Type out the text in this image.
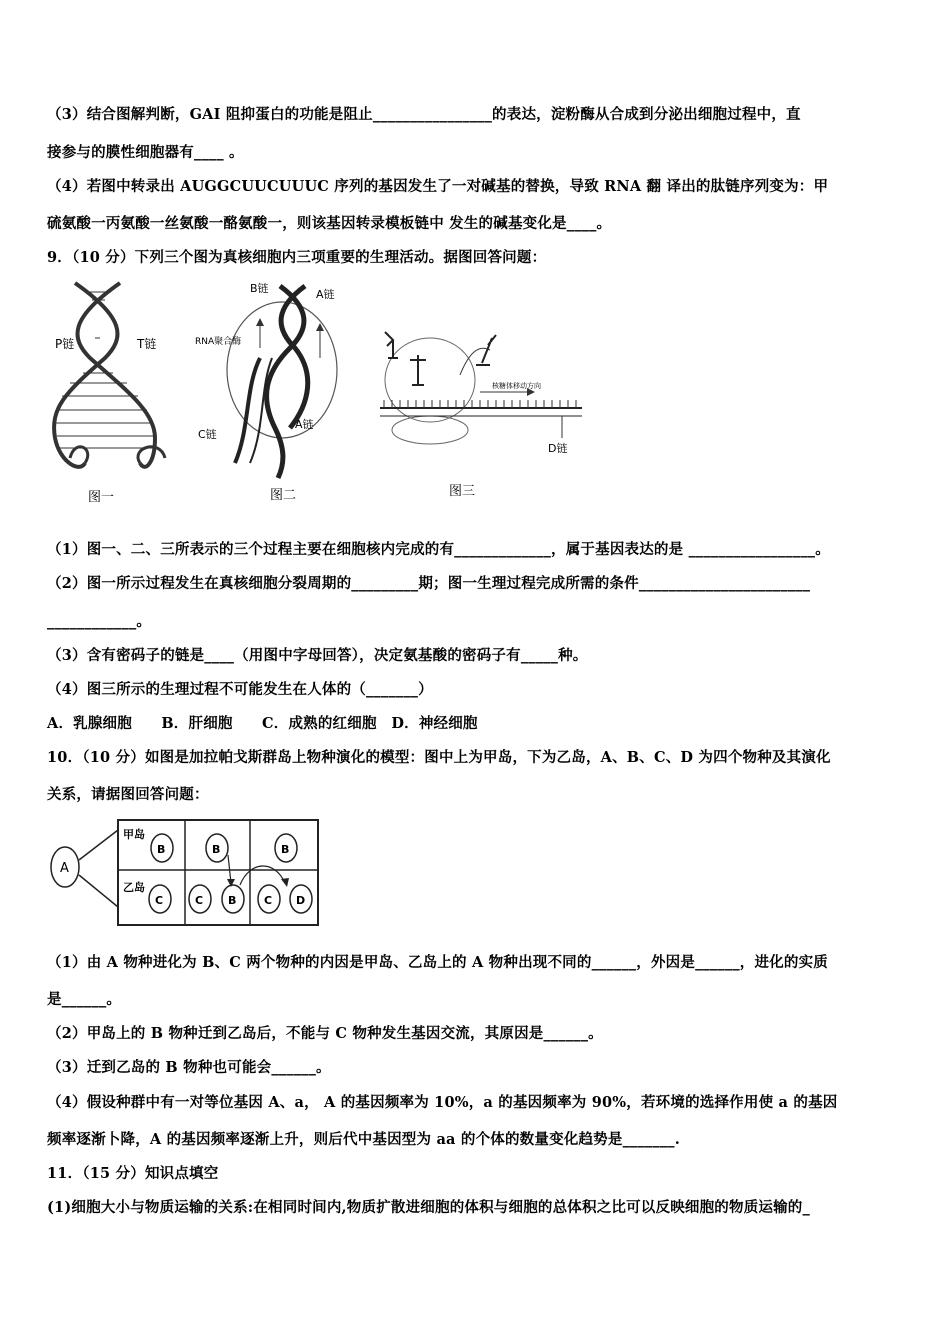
（3）结合图解判断，GAI 阻抑蛋白的功能是阻止________________的表达，淀粉酶从合成到分泌出细胞过程中，直
接参与的膜性细胞器有____ 。
（4）若图中转录出 AUGGCUUCUUUC 序列的基因发生了一对碱基的替换，导致 RNA 翻 译出的肽链序列变为：甲
硫氨酸一丙氨酸一丝氨酸一酪氨酸一，则该基因转录模板链中 发生的碱基变化是____。
9．（10 分）下列三个图为真核细胞内三项重要的生理活动。据图回答问题：
P链	T链
图一
B链	A链
RNA聚合酶
C链
A链
图二
核糖体移动方向
D链
图三
（1）图一、二、三所表示的三个过程主要在细胞核内完成的有_____________，属于基因表达的是 _________________。
（2）图一所示过程发生在真核细胞分裂周期的_________期；图一生理过程完成所需的条件_______________________
____________。
（3）含有密码子的链是____（用图中字母回答），决定氨基酸的密码子有_____种。
（4）图三所示的生理过程不可能发生在人体的（_______）
A．乳腺细胞　　B．肝细胞　　C．成熟的红细胞　D．神经细胞
10．（10 分）如图是加拉帕戈斯群岛上物种演化的模型：图中上为甲岛，下为乙岛，A、B、C、D 为四个物种及其演化
关系，请据图回答问题：
A
甲岛
乙岛
B	B	B
C	C B	C D
（1）由 A 物种进化为 B、C 两个物种的内因是甲岛、乙岛上的 A 物种出现不同的______，外因是______，进化的实质
是______。
（2）甲岛上的 B 物种迁到乙岛后，不能与 C 物种发生基因交流，其原因是______。
（3）迁到乙岛的 B 物种也可能会______。
（4）假设种群中有一对等位基因 A、a， A 的基因频率为 10%，a 的基因频率为 90%，若环境的选择作用使 a 的基因
频率逐渐卜降，A 的基因频率逐渐上升，则后代中基因型为 aa 的个体的数量变化趋势是_______.
11．（15 分）知识点填空
(1)细胞大小与物质运输的关系:在相同时间内,物质扩散进细胞的体积与细胞的总体积之比可以反映细胞的物质运输的_
